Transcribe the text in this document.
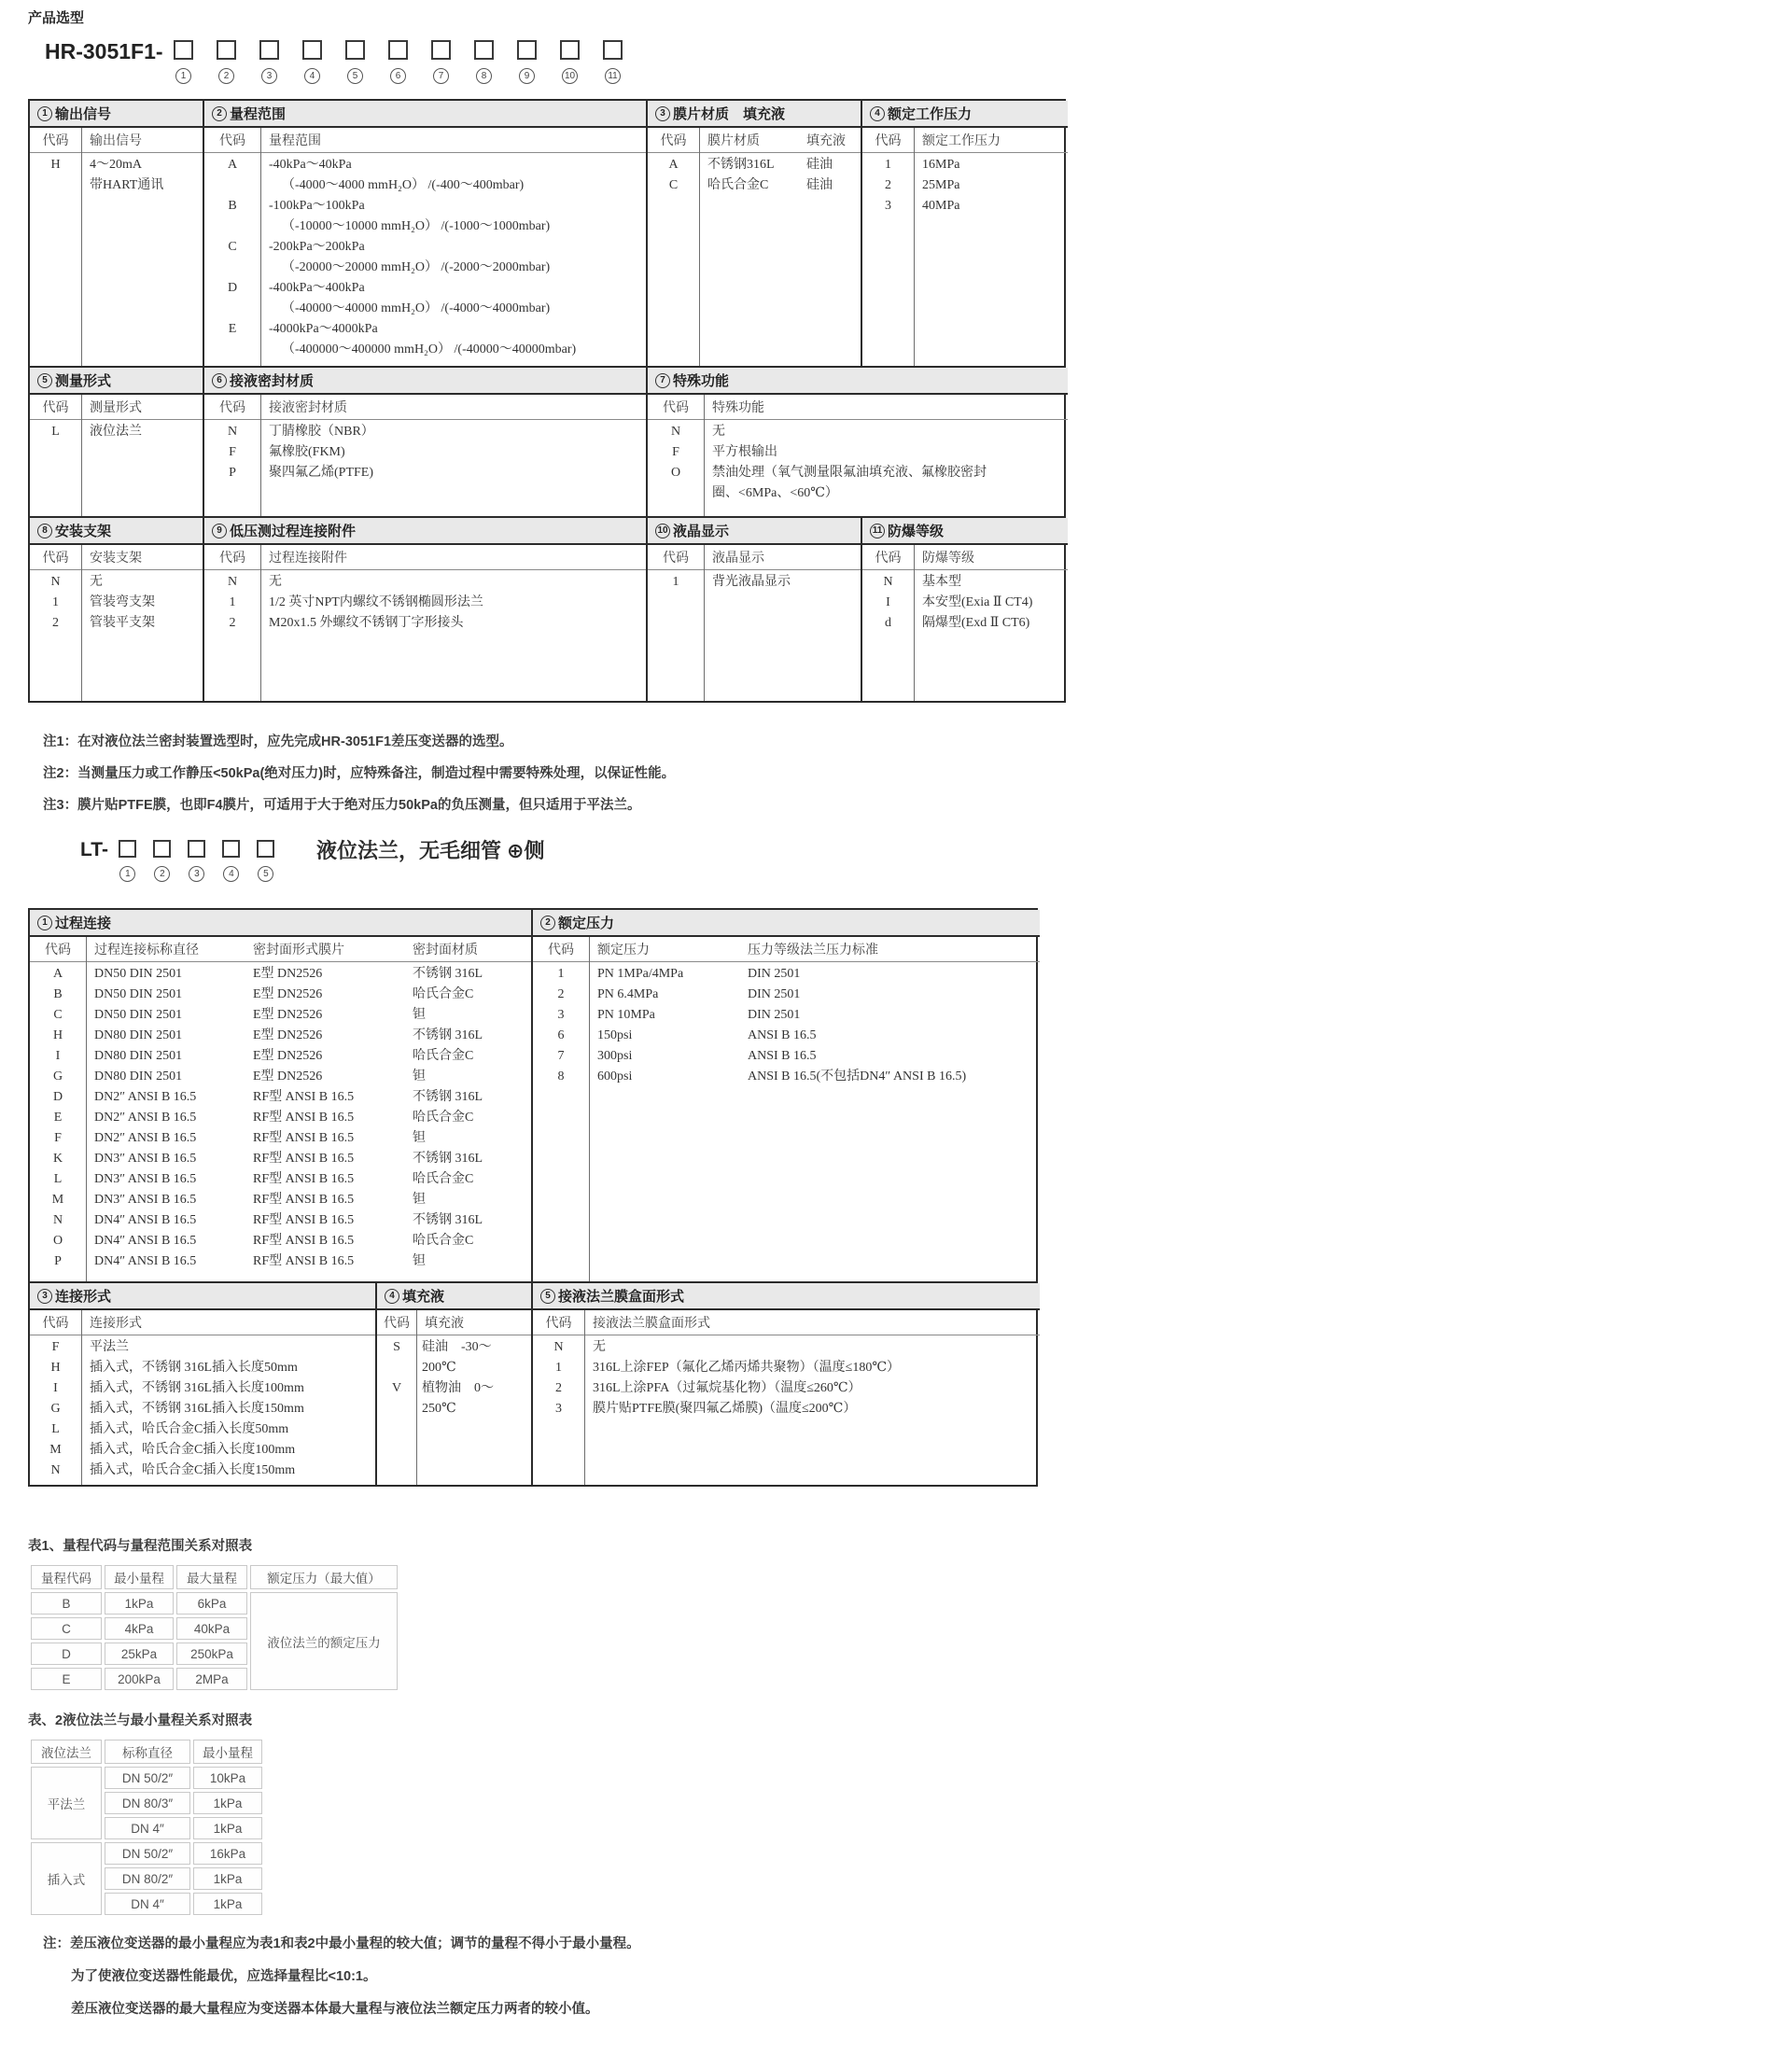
产品选型
HR-3051F1-
1	2	3	4	5	6	7	8	9	10	11
1 输出信号
代码	输出信号
H	4～20mA
带HART通讯
2 量程范围
代码	量程范围
A	-40kPa～40kPa
（-4000～4000 mmH₂O） /(-400～400mbar)
B	-100kPa～100kPa
（-10000～10000 mmH₂O） /(-1000～1000mbar)
C	-200kPa～200kPa
（-20000～20000 mmH₂O） /(-2000～2000mbar)
D	-400kPa～400kPa
（-40000～40000 mmH₂O） /(-4000～4000mbar)
E	-4000kPa～4000kPa
（-400000～400000 mmH₂O） /(-40000～40000mbar)
3 膜片材质　填充液
代码	膜片材质	填充液
A	不锈钢316L	硅油
C	哈氏合金C	硅油
4 额定工作压力
代码	额定工作压力
1	16MPa
2	25MPa
3	40MPa
5 测量形式
代码	测量形式
L	液位法兰
6 接液密封材质
代码	接液密封材质
N	丁腈橡胶（NBR）
F	氟橡胶(FKM)
P	聚四氟乙烯(PTFE)
7 特殊功能
代码	特殊功能
N	无
F	平方根输出
O	禁油处理（氧气测量限氟油填充液、氟橡胶密封圈、<6MPa、<60℃）
8 安装支架
代码	安装支架
N	无
1	管装弯支架
2	管装平支架
9 低压测过程连接附件
代码	过程连接附件
N	无
1	1/2 英寸NPT内螺纹不锈钢椭圆形法兰
2	M20x1.5 外螺纹不锈钢丁字形接头
10 液晶显示
代码	液晶显示
1	背光液晶显示
11 防爆等级
代码	防爆等级
N	基本型
I	本安型(Exia Ⅱ CT4)
d	隔爆型(Exd Ⅱ CT6)
注1：在对液位法兰密封装置选型时，应先完成HR-3051F1差压变送器的选型。
注2：当测量压力或工作静压<50kPa(绝对压力)时，应特殊备注，制造过程中需要特殊处理，以保证性能。
注3：膜片贴PTFE膜，也即F4膜片，可适用于大于绝对压力50kPa的负压测量，但只适用于平法兰。
LT-
1	2	3	4	5
液位法兰，无毛细管 ⊕侧
1 过程连接
代码	过程连接标称直径	密封面形式膜片	密封面材质
A	DN50 DIN 2501	E型 DN2526	不锈钢 316L
B	DN50 DIN 2501	E型 DN2526	哈氏合金C
C	DN50 DIN 2501	E型 DN2526	钽
H	DN80 DIN 2501	E型 DN2526	不锈钢 316L
I	DN80 DIN 2501	E型 DN2526	哈氏合金C
G	DN80 DIN 2501	E型 DN2526	钽
D	DN2″ ANSI B 16.5	RF型 ANSI B 16.5	不锈钢 316L
E	DN2″ ANSI B 16.5	RF型 ANSI B 16.5	哈氏合金C
F	DN2″ ANSI B 16.5	RF型 ANSI B 16.5	钽
K	DN3″ ANSI B 16.5	RF型 ANSI B 16.5	不锈钢 316L
L	DN3″ ANSI B 16.5	RF型 ANSI B 16.5	哈氏合金C
M	DN3″ ANSI B 16.5	RF型 ANSI B 16.5	钽
N	DN4″ ANSI B 16.5	RF型 ANSI B 16.5	不锈钢 316L
O	DN4″ ANSI B 16.5	RF型 ANSI B 16.5	哈氏合金C
P	DN4″ ANSI B 16.5	RF型 ANSI B 16.5	钽
2 额定压力
代码	额定压力	压力等级法兰压力标准
1	PN 1MPa/4MPa	DIN 2501
2	PN 6.4MPa	DIN 2501
3	PN 10MPa	DIN 2501
6	150psi	ANSI B 16.5
7	300psi	ANSI B 16.5
8	600psi	ANSI B 16.5(不包括DN4″ ANSI B 16.5)
3 连接形式
代码	连接形式
F	平法兰
H	插入式，不锈钢 316L插入长度50mm
I	插入式，不锈钢 316L插入长度100mm
G	插入式，不锈钢 316L插入长度150mm
L	插入式，哈氏合金C插入长度50mm
M	插入式，哈氏合金C插入长度100mm
N	插入式，哈氏合金C插入长度150mm
4 填充液
代码	填充液
S	硅油　-30～200℃
V	植物油　0～250℃
5 接液法兰膜盒面形式
代码	接液法兰膜盒面形式
N	无
1	316L上涂FEP（氟化乙烯丙烯共聚物）（温度≤180℃）
2	316L上涂PFA（过氟烷基化物）（温度≤260℃）
3	膜片贴PTFE膜(聚四氟乙烯膜)（温度≤200℃）
表1、量程代码与量程范围关系对照表
量程代码	最小量程	最大量程	额定压力（最大值）
B	1kPa	6kPa	液位法兰的额定压力
C	4kPa	40kPa	
D	25kPa	250kPa	
E	200kPa	2MPa	
表、2液位法兰与最小量程关系对照表
液位法兰	标称直径	最小量程
平法兰	DN 50/2″	10kPa
	DN 80/3″	1kPa
	DN 4″	1kPa
插入式	DN 50/2″	16kPa
	DN 80/2″	1kPa
	DN 4″	1kPa
注：差压液位变送器的最小量程应为表1和表2中最小量程的较大值；调节的量程不得小于最小量程。
为了使液位变送器性能最优，应选择量程比<10:1。
差压液位变送器的最大量程应为变送器本体最大量程与液位法兰额定压力两者的较小值。
